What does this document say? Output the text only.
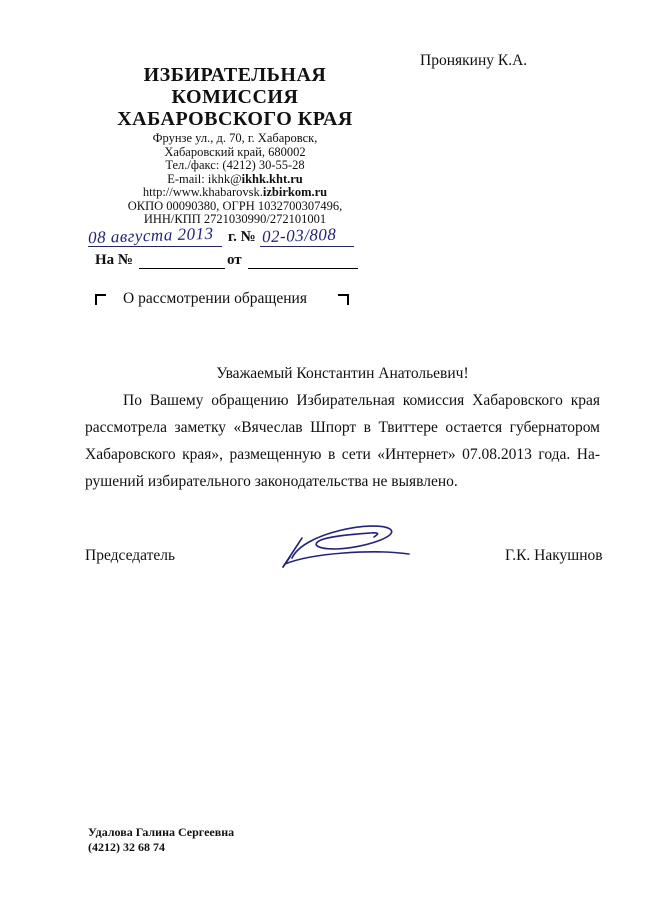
Пронякину К.А.
ИЗБИРАТЕЛЬНАЯ
КОМИССИЯ
ХАБАРОВСКОГО КРАЯ
Фрунзе ул., д. 70, г. Хабаровск,
Хабаровский край, 680002
Тел./факс: (4212) 30-55-28
E-mail: ikhk@ikhk.kht.ru
http://www.khabarovsk.izbirkom.ru
ОКПО 00090380, ОГРН 1032700307496,
ИНН/КПП 2721030990/272101001
08 августа 2013 г. № 02-03/808
На №	от
О рассмотрении обращения
Уважаемый Константин Анатольевич!
По Вашему обращению Избирательная комиссия Хабаровского края
рассмотрела заметку «Вячеслав Шпорт в Твиттере остается губернатором
Хабаровского края», размещенную в сети «Интернет» 07.08.2013 года. На-
рушений избирательного законодательства не выявлено.
Председатель	Г.К. Накушнов
Удалова Галина Сергеевна
(4212) 32 68 74
